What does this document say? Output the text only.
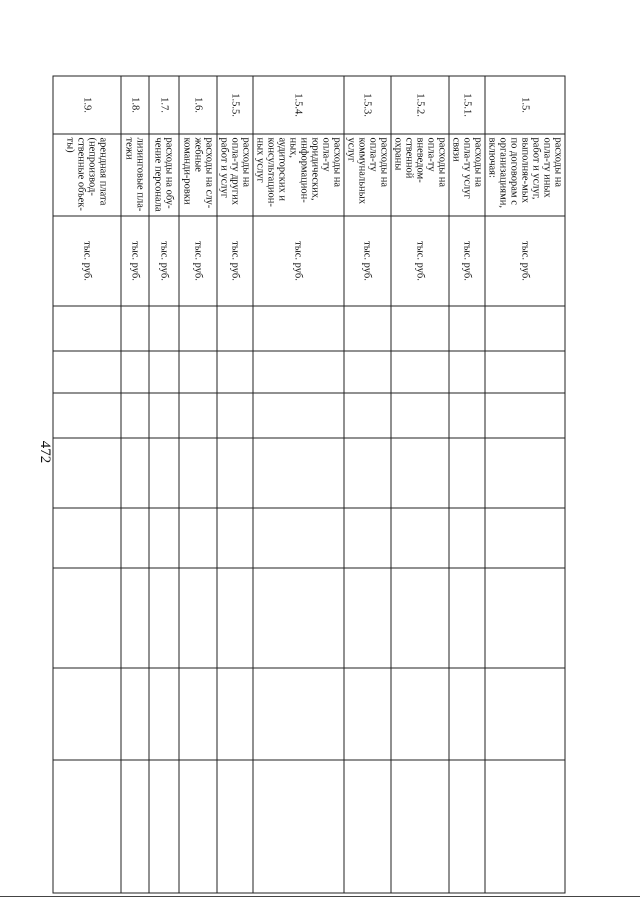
472
1.5.	расходы на опла-ту иных работ и услуг, выполняе-мых по договорам с организациями, включая:	тыс. руб.								
1.5.1.	расходы на опла-ту услуг связи	тыс. руб.								
1.5.2.	расходы на опла-ту вневедом-ственной охраны	тыс. руб.								
1.5.3.	расходы на опла-ту коммунальных услуг	тыс. руб.								
1.5.4.	расходы на опла-ту юридических, информацион-ных, аудиторских и консультацион-ных услуг	тыс. руб.								
1.5.5.	расходы на опла-ту других работ и услуг	тыс. руб.								
1.6.	расходы на слу-жебные команди-ровки	тыс. руб.								
1.7.	расходы на обу-чение персонала	тыс. руб.								
1.8.	лизинговые пла-тежи	тыс. руб.								
1.9.	арендная плата (непроизвод-ственные объек-ты)	тыс. руб.								
